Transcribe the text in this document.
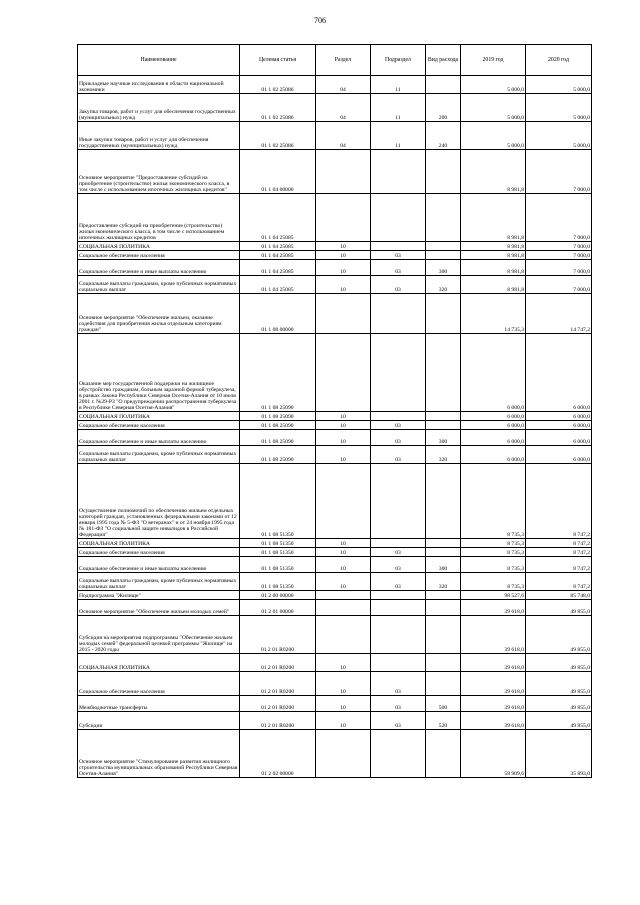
706
Наименование	Целевая статья	Раздел	Подраздел	Вид расхода	2019 год	2020 год
Прикладные научные исследования в области национальной экономики	01 1 02 25086	04	11		5 000,0	5 000,0
Закупка товаров, работ и услуг для обеспечения государственных (муниципальных) нужд	01 1 02 25086	04	11	200	5 000,0	5 000,0
Иные закупки товаров, работ и услуг для обеспечения государственных (муниципальных) нужд	01 1 02 25086	04	11	240	5 000,0	5 000,0
Основное мероприятие "Предоставление субсидий на приобретение (строительство) жилья экономического класса, в том числе с использованием ипотечных жилищных кредитов"	01 1 04 00000				8 981,8	7 000,0
Предоставление субсидий на приобретение (строительство) жилья экономического класса, в том числе с использованием ипотечных жилищных кредитов	01 1 04 25085				8 981,8	7 000,0
СОЦИАЛЬНАЯ ПОЛИТИКА	01 1 04 25085	10			8 981,8	7 000,0
Социальное обеспечение населения	01 1 04 25085	10	03		8 981,8	7 000,0
Социальное обеспечение и иные выплаты населению	01 1 04 25085	10	03	300	8 981,8	7 000,0
Социальные выплаты гражданам, кроме публичных нормативных социальных выплат	01 1 04 25085	10	03	320	8 981,8	7 000,0
Основное мероприятие "Обеспечение жильем, оказание содействия для приобретения жилья отдельным категориям граждан"	01 1 08 00000				14 735,3	14 747,2
Оказание мер государственной поддержки на жилищное обустройство гражданам, больным заразной формой туберкулеза, в рамках Закона Республики Северная Осетия-Алания от 10 июля 2001 г. №29-РЗ "О предупреждении распространения туберкулеза в Республике Северная Осетия-Алания"	01 1 08 25090				6 000,0	6 000,0
СОЦИАЛЬНАЯ ПОЛИТИКА	01 1 08 25090	10			6 000,0	6 000,0
Социальное обеспечение населения	01 1 08 25090	10	03		6 000,0	6 000,0
Социальное обеспечение и иные выплаты населению	01 1 08 25090	10	03	300	6 000,0	6 000,0
Социальные выплаты гражданам, кроме публичных нормативных социальных выплат	01 1 08 25090	10	03	320	6 000,0	6 000,0
Осуществление полномочий по обеспечению жильем отдельных категорий граждан, установленных федеральными законами от 12 января 1995 года № 5-ФЗ "О ветеранах" и от 24 ноября 1995 года № 181-ФЗ "О социальной защите инвалидов в Российской Федерации"	01 1 08 51350				8 735,3	8 747,2
СОЦИАЛЬНАЯ ПОЛИТИКА	01 1 08 51350	10			8 735,3	8 747,2
Социальное обеспечение населения	01 1 08 51350	10	03		8 735,3	8 747,2
Социальное обеспечение и иные выплаты населению	01 1 08 51350	10	03	300	8 735,3	8 747,2
Социальные выплаты гражданам, кроме публичных нормативных социальных выплат	01 1 08 51350	10	03	320	8 735,3	8 747,2
Подпрограмма "Жилище"	01 2 00 00000				98 527,6	85 748,0
Основное мероприятие "Обеспечение жильем молодых семей"	01 2 01 00000				39 618,0	49 855,0
Субсидия на мероприятия подпрограммы "Обеспечение жильем молодых семей" федеральной целевой программы "Жилище" на 2015 - 2020 годы	01 2 01 R0200				39 618,0	49 855,0
СОЦИАЛЬНАЯ ПОЛИТИКА	01 2 01 R0200	10			39 618,0	49 855,0
Социальное обеспечение населения	01 2 01 R0200	10	03		39 618,0	49 855,0
Межбюджетные трансферты	01 2 01 R0200	10	03	500	39 618,0	49 855,0
Субсидии	01 2 01 R0200	10	03	520	39 618,0	49 855,0
Основное мероприятие "Стимулирование развития жилищного строительства муниципальных образований Республики Северная Осетия-Алания"	01 2 02 00000				58 909,6	35 893,0
